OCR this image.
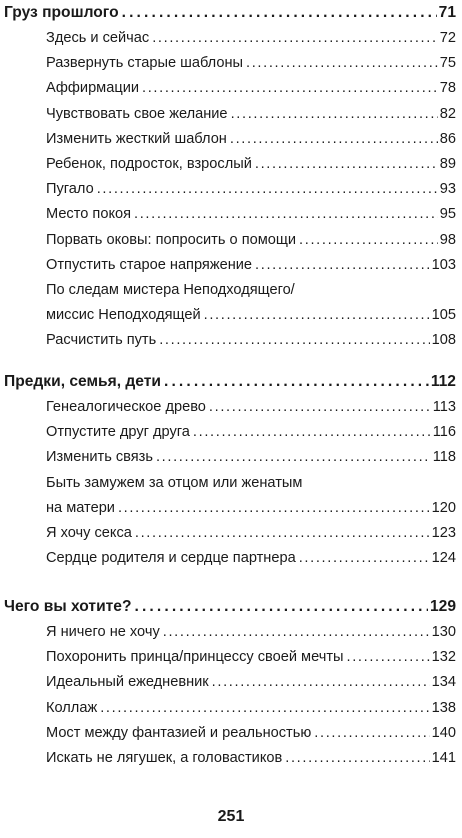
Груз прошлого . . .	71
Здесь и сейчас . . .	72
Развернуть старые шаблоны . . .	75
Аффирмации . . .	78
Чувствовать свое желание . . .	82
Изменить жесткий шаблон . . .	86
Ребенок, подросток, взрослый . . .	89
Пугало . . .	93
Место покоя . . .	95
Порвать оковы: попросить о помощи . . .	98
Отпустить старое напряжение . . .	103
По следам мистера Неподходящего/
миссис Неподходящей . . .	105
Расчистить путь . . .	108
Предки, семья, дети . . .	112
Генеалогическое древо . . .	113
Отпустите друг друга . . .	116
Изменить связь . . .	118
Быть замужем за отцом или женатым
на матери . . .	120
Я хочу секса . . .	123
Сердце родителя и сердце партнера . . .	124
Чего вы хотите? . . .	129
Я ничего не хочу . . .	130
Похоронить принца/принцессу своей мечты . . .	132
Идеальный ежедневник . . .	134
Коллаж . . .	138
Мост между фантазией и реальностью . . .	140
Искать не лягушек, а головастиков . . .	141
251
